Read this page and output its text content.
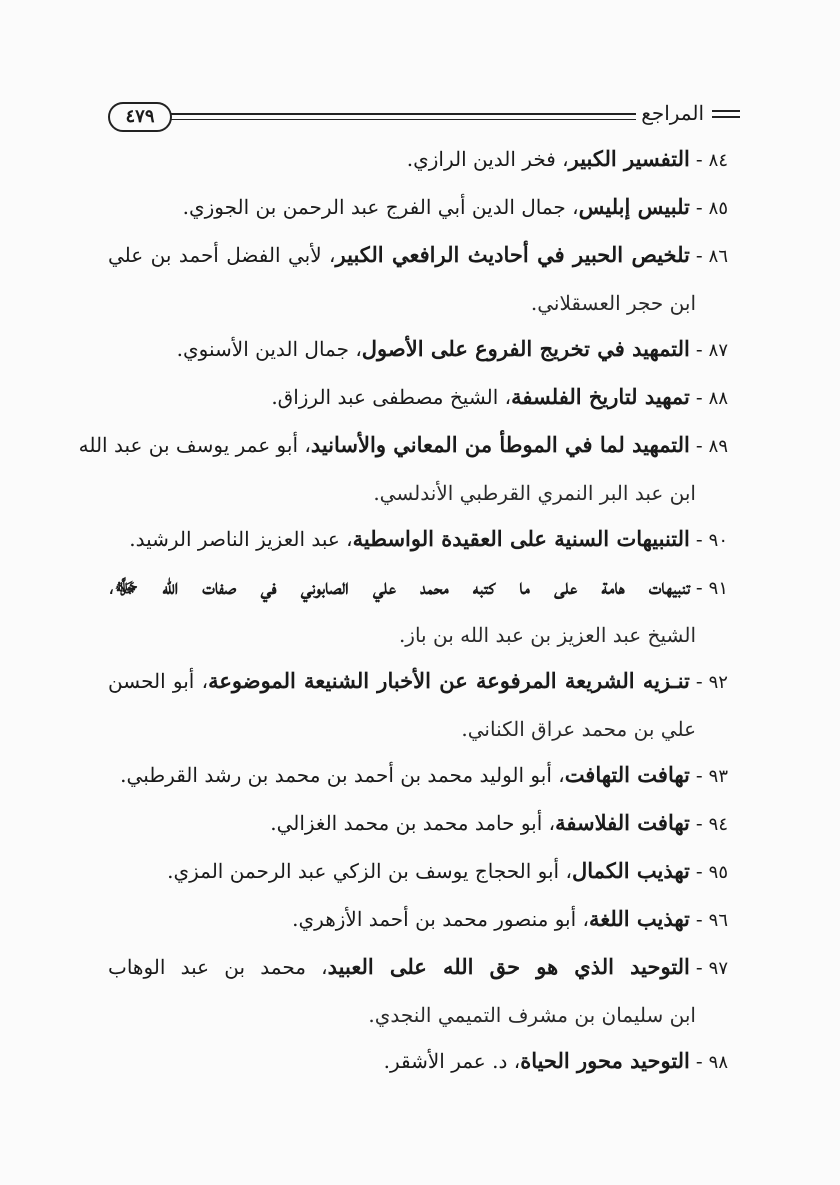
المراجع
٤٧٩
٨٤-التفسير الكبير، فخر الدين الرازي.
٨٥-تلبيس إبليس، جمال الدين أبي الفرج عبد الرحمن بن الجوزي.
٨٦-تلخيص الحبير في أحاديث الرافعي الكبير، لأبي الفضل أحمد بن علي
ابن حجر العسقلاني.
٨٧-التمهيد في تخريج الفروع على الأصول، جمال الدين الأسنوي.
٨٨-تمهيد لتاريخ الفلسفة، الشيخ مصطفى عبد الرزاق.
٨٩-التمهيد لما في الموطأ من المعاني والأسانيد، أبو عمر يوسف بن عبد الله
ابن عبد البر النمري القرطبي الأندلسي.
٩٠-التنبيهات السنية على العقيدة الواسطية، عبد العزيز الناصر الرشيد.
٩١-تنبيهات هامة على ما كتبه محمد علي الصابوني في صفات الله ﷻ،
الشيخ عبد العزيز بن عبد الله بن باز.
٩٢-تنـزيه الشريعة المرفوعة عن الأخبار الشنيعة الموضوعة، أبو الحسن
علي بن محمد عراق الكناني.
٩٣-تهافت التهافت، أبو الوليد محمد بن أحمد بن محمد بن رشد القرطبي.
٩٤-تهافت الفلاسفة، أبو حامد محمد بن محمد الغزالي.
٩٥-تهذيب الكمال، أبو الحجاج يوسف بن الزكي عبد الرحمن المزي.
٩٦-تهذيب اللغة، أبو منصور محمد بن أحمد الأزهري.
٩٧-التوحيد الذي هو حق الله على العبيد، محمد بن عبد الوهاب
ابن سليمان بن مشرف التميمي النجدي.
٩٨-التوحيد محور الحياة، د. عمر الأشقر.
